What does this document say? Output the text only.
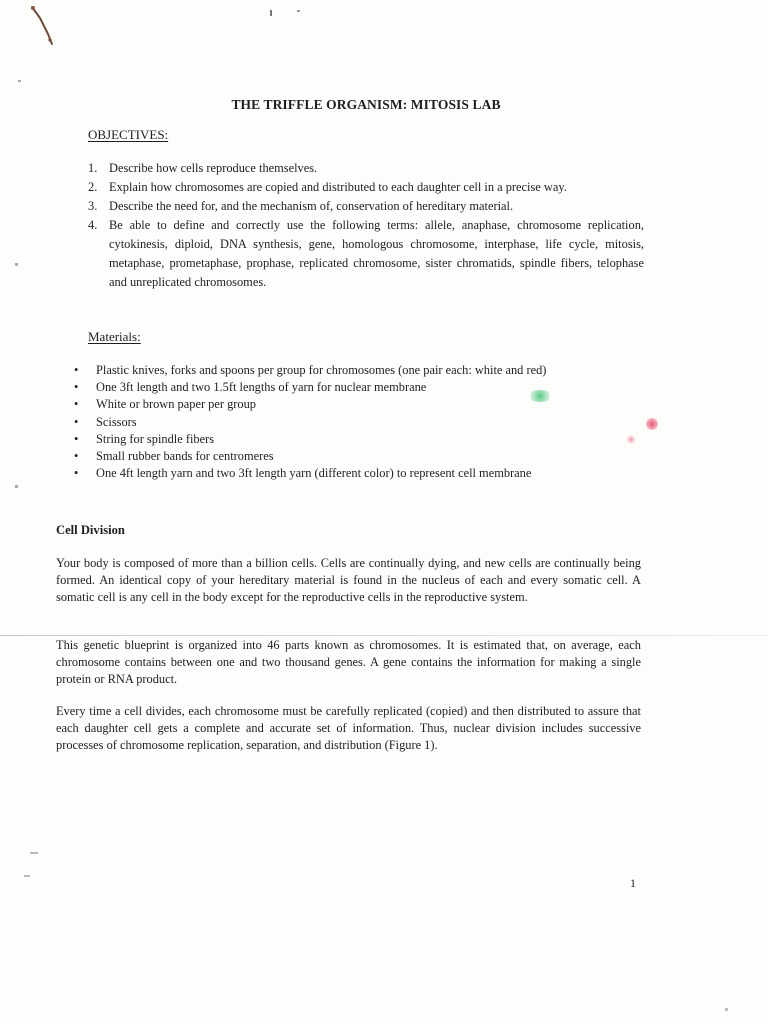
THE TRIFFLE ORGANISM: MITOSIS LAB
OBJECTIVES:
1. Describe how cells reproduce themselves.
2. Explain how chromosomes are copied and distributed to each daughter cell in a precise way.
3. Describe the need for, and the mechanism of, conservation of hereditary material.
4. Be able to define and correctly use the following terms: allele, anaphase, chromosome replication, cytokinesis, diploid, DNA synthesis, gene, homologous chromosome, interphase, life cycle, mitosis, metaphase, prometaphase, prophase, replicated chromosome, sister chromatids, spindle fibers, telophase and unreplicated chromosomes.
Materials:
• Plastic knives, forks and spoons per group for chromosomes (one pair each: white and red)
• One 3ft length and two 1.5ft lengths of yarn for nuclear membrane
• White or brown paper per group
• Scissors
• String for spindle fibers
• Small rubber bands for centromeres
• One 4ft length yarn and two 3ft length yarn (different color) to represent cell membrane
Cell Division

Your body is composed of more than a billion cells. Cells are continually dying, and new cells are continually being formed. An identical copy of your hereditary material is found in the nucleus of each and every somatic cell. A somatic cell is any cell in the body except for the reproductive cells in the reproductive system.

This genetic blueprint is organized into 46 parts known as chromosomes. It is estimated that, on average, each chromosome contains between one and two thousand genes. A gene contains the information for making a single protein or RNA product.

Every time a cell divides, each chromosome must be carefully replicated (copied) and then distributed to assure that each daughter cell gets a complete and accurate set of information. Thus, nuclear division includes successive processes of chromosome replication, separation, and distribution (Figure 1).

1
